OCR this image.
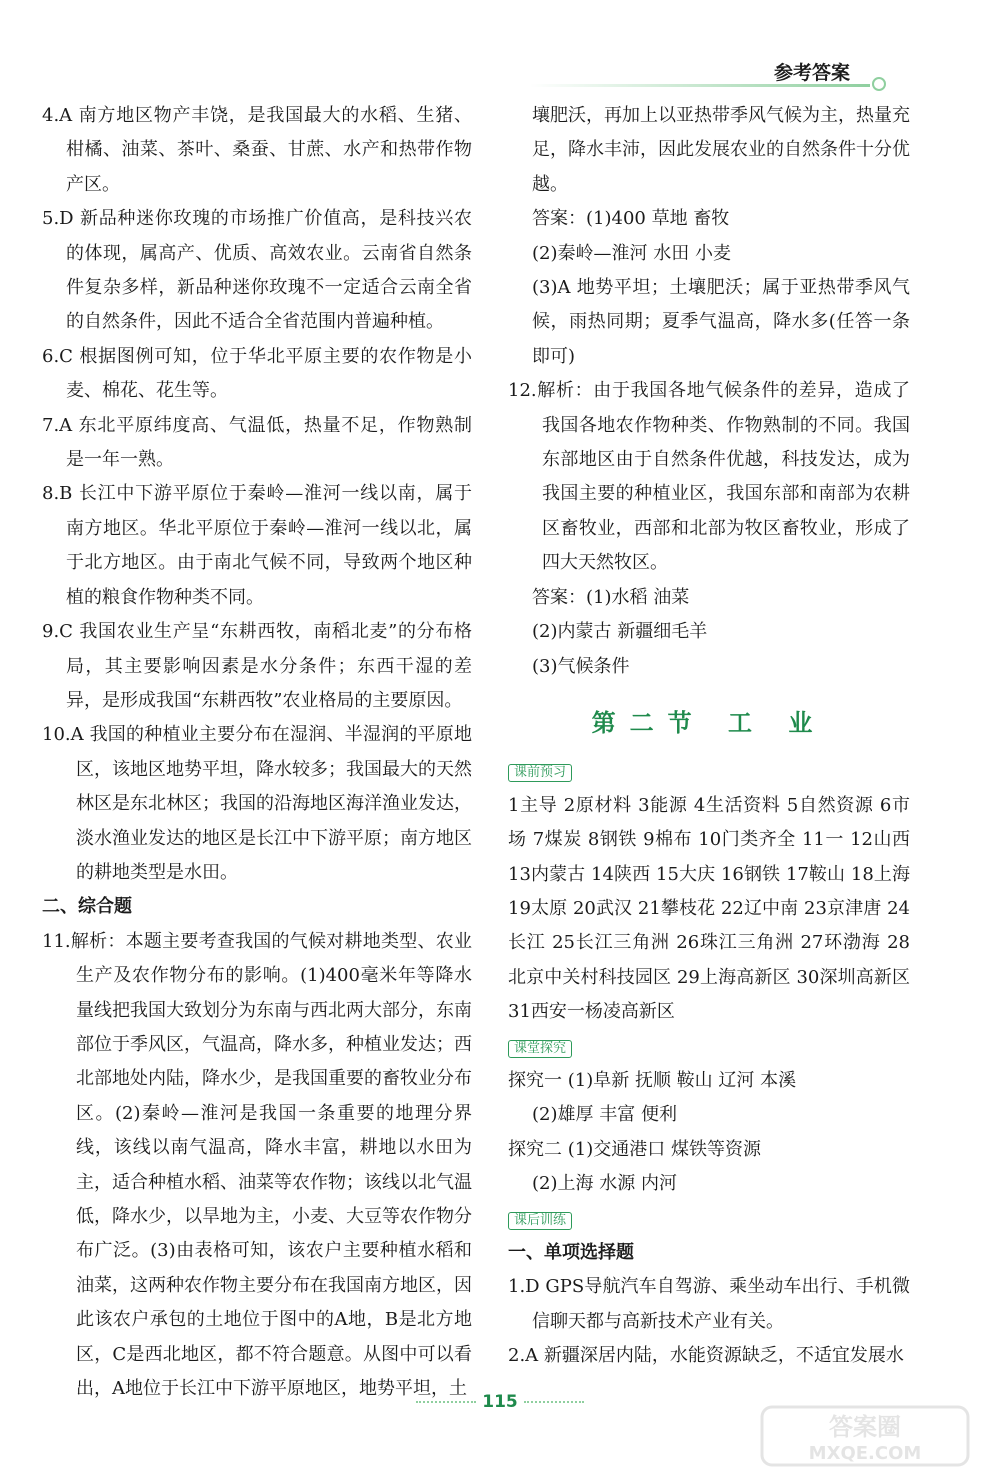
参考答案

4.A 南方地区物产丰饶，是我国最大的水稻、生猪、柑橘、油菜、茶叶、桑蚕、甘蔗、水产和热带作物产区。

5.D 新品种迷你玫瑰的市场推广价值高，是科技兴农的体现，属高产、优质、高效农业。云南省自然条件复杂多样，新品种迷你玫瑰不一定适合云南全省的自然条件，因此不适合全省范围内普遍种植。

6.C 根据图例可知，位于华北平原主要的农作物是小麦、棉花、花生等。

7.A 东北平原纬度高、气温低，热量不足，作物熟制是一年一熟。

8.B 长江中下游平原位于秦岭—淮河一线以南，属于南方地区。华北平原位于秦岭—淮河一线以北，属于北方地区。由于南北气候不同，导致两个地区种植的粮食作物种类不同。

9.C 我国农业生产呈“东耕西牧，南稻北麦”的分布格局，其主要影响因素是水分条件；东西干湿的差异，是形成我国“东耕西牧”农业格局的主要原因。

10.A 我国的种植业主要分布在湿润、半湿润的平原地区，该地区地势平坦，降水较多；我国最大的天然林区是东北林区；我国的沿海地区海洋渔业发达，淡水渔业发达的地区是长江中下游平原；南方地区的耕地类型是水田。

二、综合题

11.解析：本题主要考查我国的气候对耕地类型、农业生产及农作物分布的影响。(1)400毫米年等降水量线把我国大致划分为东南与西北两大部分，东南部位于季风区，气温高，降水多，种植业发达；西北部地处内陆，降水少，是我国重要的畜牧业分布区。(2)秦岭—淮河是我国一条重要的地理分界线，该线以南气温高，降水丰富，耕地以水田为主，适合种植水稻、油菜等农作物；该线以北气温低，降水少，以旱地为主，小麦、大豆等农作物分布广泛。(3)由表格可知，该农户主要种植水稻和油菜，这两种农作物主要分布在我国南方地区，因此该农户承包的土地位于图中的A地，B是北方地区，C是西北地区，都不符合题意。从图中可以看出，A地位于长江中下游平原地区，地势平坦，土

壤肥沃，再加上以亚热带季风气候为主，热量充足，降水丰沛，因此发展农业的自然条件十分优越。

答案：(1)400 草地 畜牧

(2)秦岭—淮河 水田 小麦

(3)A 地势平坦；土壤肥沃；属于亚热带季风气候，雨热同期；夏季气温高，降水多(任答一条即可)

12.解析：由于我国各地气候条件的差异，造成了我国各地农作物种类、作物熟制的不同。我国东部地区由于自然条件优越，科技发达，成为我国主要的种植业区，我国东部和南部为农耕区畜牧业，西部和北部为牧区畜牧业，形成了四大天然牧区。

答案：(1)水稻 油菜

(2)内蒙古 新疆细毛羊

(3)气候条件

第二节 工 业
课前预习

1主导 2原材料 3能源 4生活资料 5自然资源 6市场 7煤炭 8钢铁 9棉布 10门类齐全 11一 12山西 13内蒙古 14陕西 15大庆 16钢铁 17鞍山 18上海 19太原 20武汉 21攀枝花 22辽中南 23京津唐 24长江 25长江三角洲 26珠江三角洲 27环渤海 28北京中关村科技园区 29上海高新区 30深圳高新区 31西安一杨凌高新区

课堂探究

探究一 (1)阜新 抚顺 鞍山 辽河 本溪

(2)雄厚 丰富 便利

探究二 (1)交通港口 煤铁等资源

(2)上海 水源 内河

课后训练

一、单项选择题

1.D GPS导航汽车自驾游、乘坐动车出行、手机微信聊天都与高新技术产业有关。

2.A 新疆深居内陆，水能资源缺乏，不适宜发展水

115
答案圈
MXQE.COM
